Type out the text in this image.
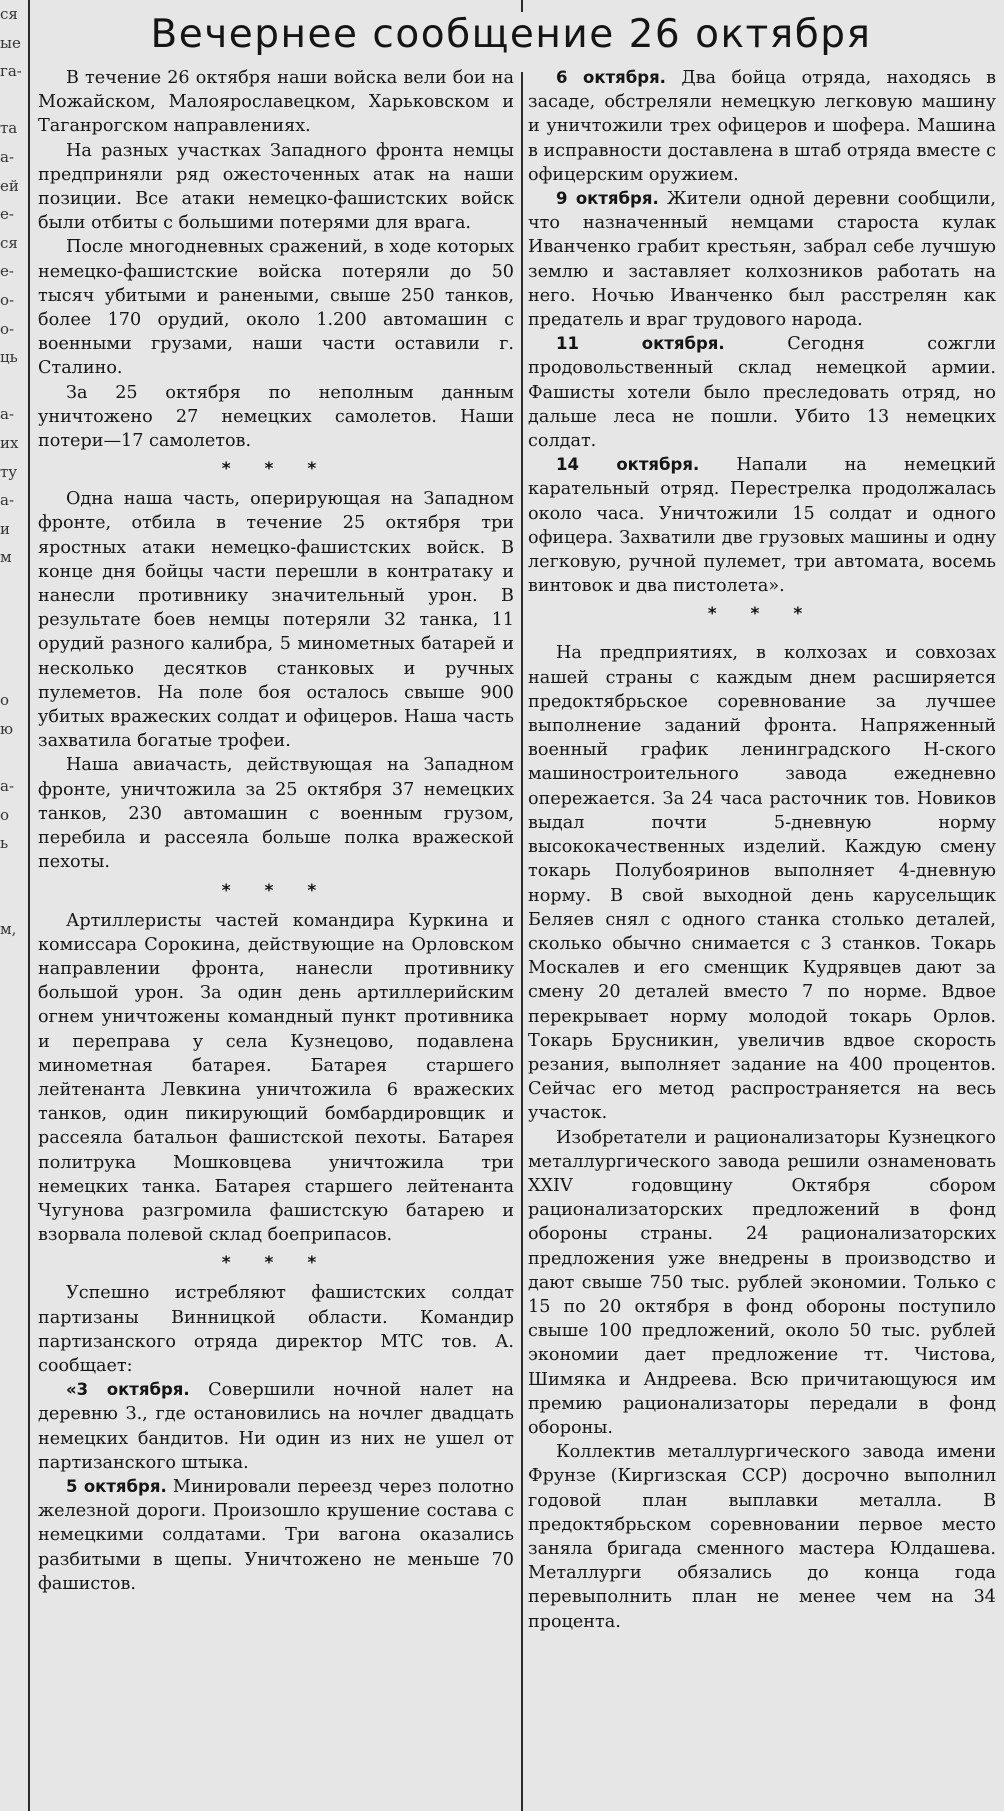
ся
ые
га-

та
а-
ей
е-
ся
е-
о-
о-
ць

а-
их
ту
а-
и
м

о
ю

а-
о
ь

м,

Вечернее сообщение 26 октября

В течение 26 октября наши войска вели бои на Можайском, Малоярославецком, Харьковском и Таганрогском направлениях.

На разных участках Западного фронта немцы предприняли ряд ожесточенных атак на наши позиции. Все атаки немецко-фашистских войск были отбиты с большими потерями для врага.

После многодневных сражений, в ходе которых немецко-фашистские войска потеряли до 50 тысяч убитыми и ранеными, свыше 250 танков, более 170 орудий, около 1.200 автомашин с военными грузами, наши части оставили г. Сталино.

За 25 октября по неполным данным уничтожено 27 немецких самолетов. Наши потери—17 самолетов.

* * *

Одна наша часть, оперирующая на Западном фронте, отбила в течение 25 октября три яростных атаки немецко-фашистских войск. В конце дня бойцы части перешли в контратаку и нанесли противнику значительный урон. В результате боев немцы потеряли 32 танка, 11 орудий разного калибра, 5 минометных батарей и несколько десятков станковых и ручных пулеметов. На поле боя осталось свыше 900 убитых вражеских солдат и офицеров. Наша часть захватила богатые трофеи.

Наша авиачасть, действующая на Западном фронте, уничтожила за 25 октября 37 немецких танков, 230 автомашин с военным грузом, перебила и рассеяла больше полка вражеской пехоты.

* * *

Артиллеристы частей командира Куркина и комиссара Сорокина, действующие на Орловском направлении фронта, нанесли противнику большой урон. За один день артиллерийским огнем уничтожены командный пункт противника и переправа у села Кузнецово, подавлена минометная батарея. Батарея старшего лейтенанта Левкина уничтожила 6 вражеских танков, один пикирующий бомбардировщик и рассеяла батальон фашистской пехоты. Батарея политрука Мошковцева уничтожила три немецких танка. Батарея старшего лейтенанта Чугунова разгромила фашистскую батарею и взорвала полевой склад боеприпасов.

* * *

Успешно истребляют фашистских солдат партизаны Винницкой области. Командир партизанского отряда директор МТС тов. А. сообщает:

«3 октября. Совершили ночной налет на деревню З., где остановились на ночлег двадцать немецких бандитов. Ни один из них не ушел от партизанского штыка.

5 октября. Минировали переезд через полотно железной дороги. Произошло крушение состава с немецкими солдатами. Три вагона оказались разбитыми в щепы. Уничтожено не меньше 70 фашистов.

6 октября. Два бойца отряда, находясь в засаде, обстреляли немецкую легковую машину и уничтожили трех офицеров и шофера. Машина в исправности доставлена в штаб отряда вместе с офицерским оружием.

9 октября. Жители одной деревни сообщили, что назначенный немцами староста кулак Иванченко грабит крестьян, забрал себе лучшую землю и заставляет колхозников работать на него. Ночью Иванченко был расстрелян как предатель и враг трудового народа.

11 октября. Сегодня сожгли продовольственный склад немецкой армии. Фашисты хотели было преследовать отряд, но дальше леса не пошли. Убито 13 немецких солдат.

14 октября. Напали на немецкий карательный отряд. Перестрелка продолжалась около часа. Уничтожили 15 солдат и одного офицера. Захватили две грузовых машины и одну легковую, ручной пулемет, три автомата, восемь винтовок и два пистолета».

* * *

На предприятиях, в колхозах и совхозах нашей страны с каждым днем расширяется предоктябрьское соревнование за лучшее выполнение заданий фронта. Напряженный военный график ленинградского Н-ского машиностроительного завода ежедневно опережается. За 24 часа расточник тов. Новиков выдал почти 5-дневную норму высококачественных изделий. Каждую смену токарь Полубояринов выполняет 4-дневную норму. В свой выходной день карусельщик Беляев снял с одного станка столько деталей, сколько обычно снимается с 3 станков. Токарь Москалев и его сменщик Кудрявцев дают за смену 20 деталей вместо 7 по норме. Вдвое перекрывает норму молодой токарь Орлов. Токарь Брусникин, увеличив вдвое скорость резания, выполняет задание на 400 процентов. Сейчас его метод распространяется на весь участок.

Изобретатели и рационализаторы Кузнецкого металлургического завода решили ознаменовать XXIV годовщину Октября сбором рационализаторских предложений в фонд обороны страны. 24 рационализаторских предложения уже внедрены в производство и дают свыше 750 тыс. рублей экономии. Только с 15 по 20 октября в фонд обороны поступило свыше 100 предложений, около 50 тыс. рублей экономии дает предложение тт. Чистова, Шимяка и Андреева. Всю причитающуюся им премию рационализаторы передали в фонд обороны.

Коллектив металлургического завода имени Фрунзе (Киргизская ССР) досрочно выполнил годовой план выплавки металла. В предоктябрьском соревновании первое место заняла бригада сменного мастера Юлдашева. Металлурги обязались до конца года перевыполнить план не менее чем на 34 процента.
